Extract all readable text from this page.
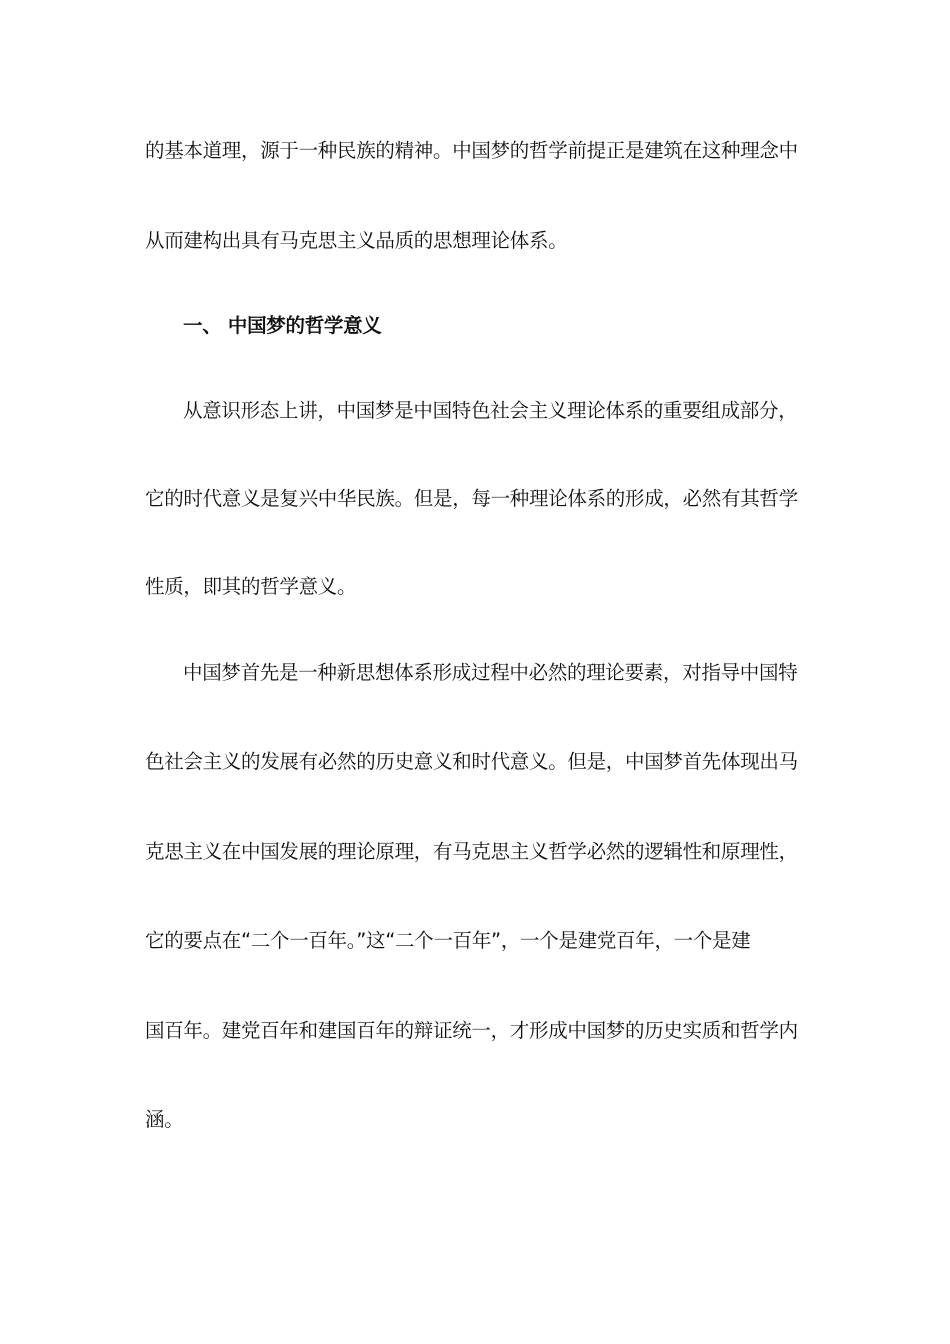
的基本道理，源于一种民族的精神。中国梦的哲学前提正是建筑在这种理念中
从而建构出具有马克思主义品质的思想理论体系。
一、 中国梦的哲学意义
从意识形态上讲，中国梦是中国特色社会主义理论体系的重要组成部分，
它的时代意义是复兴中华民族。但是，每一种理论体系的形成，必然有其哲学
性质，即其的哲学意义。
中国梦首先是一种新思想体系形成过程中必然的理论要素，对指导中国特
色社会主义的发展有必然的历史意义和时代意义。但是，中国梦首先体现出马
克思主义在中国发展的理论原理，有马克思主义哲学必然的逻辑性和原理性，
它的要点在“二个一百年。”这“二个一百年”，一个是建党百年，一个是建
国百年。建党百年和建国百年的辩证统一，才形成中国梦的历史实质和哲学内
涵。
